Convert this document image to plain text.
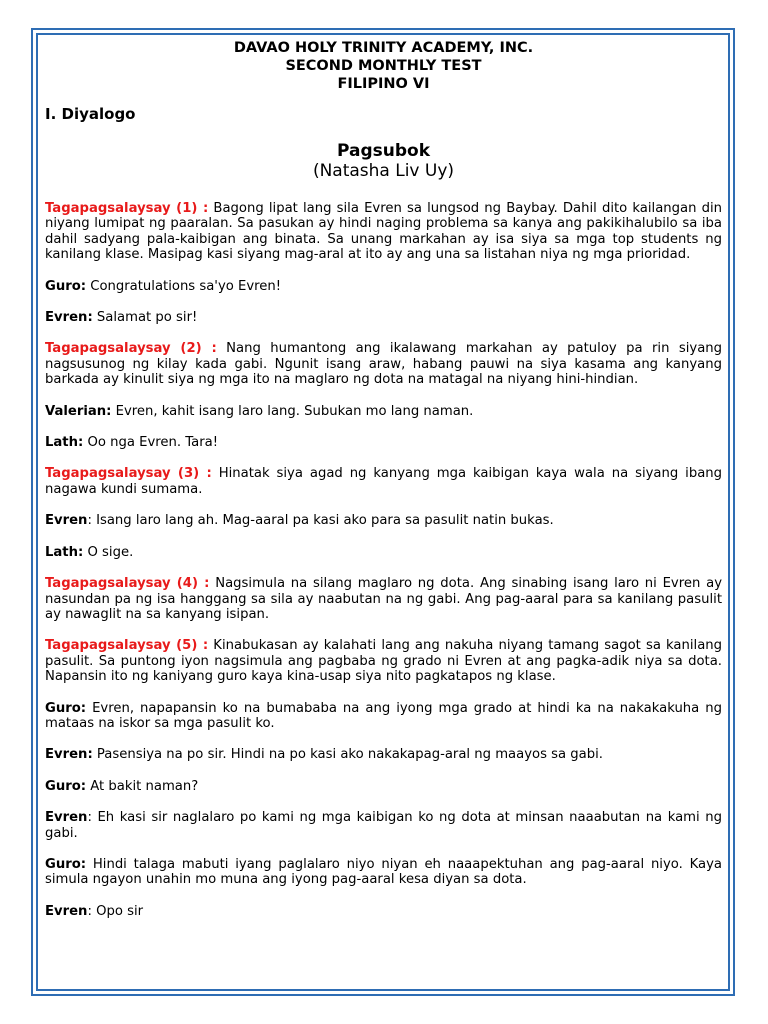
DAVAO HOLY TRINITY ACADEMY, INC.
SECOND MONTHLY TEST
FILIPINO VI
I. Diyalogo
Pagsubok
(Natasha Liv Uy)

Tagapagsalaysay (1) : Bagong lipat lang sila Evren sa lungsod ng Baybay. Dahil dito kailangan din niyang lumipat ng paaralan. Sa pasukan ay hindi naging problema sa kanya ang pakikihalubilo sa iba dahil sadyang pala-kaibigan ang binata. Sa unang markahan ay isa siya sa mga top students ng kanilang klase. Masipag kasi siyang mag-aral at ito ay ang una sa listahan niya ng mga prioridad.

Guro: Congratulations sa'yo Evren!

Evren: Salamat po sir!

Tagapagsalaysay (2) : Nang humantong ang ikalawang markahan ay patuloy pa rin siyang nagsusunog ng kilay kada gabi. Ngunit isang araw, habang pauwi na siya kasama ang kanyang barkada ay kinulit siya ng mga ito na maglaro ng dota na matagal na niyang hini-hindian.

Valerian: Evren, kahit isang laro lang. Subukan mo lang naman.

Lath: Oo nga Evren. Tara!

Tagapagsalaysay (3) : Hinatak siya agad ng kanyang mga kaibigan kaya wala na siyang ibang nagawa kundi sumama.

Evren: Isang laro lang ah. Mag-aaral pa kasi ako para sa pasulit natin bukas.

Lath: O sige.

Tagapagsalaysay (4) : Nagsimula na silang maglaro ng dota. Ang sinabing isang laro ni Evren ay nasundan pa ng isa hanggang sa sila ay naabutan na ng gabi. Ang pag-aaral para sa kanilang pasulit ay nawaglit na sa kanyang isipan.

Tagapagsalaysay (5) : Kinabukasan ay kalahati lang ang nakuha niyang tamang sagot sa kanilang pasulit. Sa puntong iyon nagsimula ang pagbaba ng grado ni Evren at ang pagka-adik niya sa dota. Napansin ito ng kaniyang guro kaya kina-usap siya nito pagkatapos ng klase.

Guro: Evren, napapansin ko na bumababa na ang iyong mga grado at hindi ka na nakakakuha ng mataas na iskor sa mga pasulit ko.

Evren: Pasensiya na po sir. Hindi na po kasi ako nakakapag-aral ng maayos sa gabi.

Guro: At bakit naman?

Evren: Eh kasi sir naglalaro po kami ng mga kaibigan ko ng dota at minsan naaabutan na kami ng gabi.

Guro: Hindi talaga mabuti iyang paglalaro niyo niyan eh naaapektuhan ang pag-aaral niyo. Kaya simula ngayon unahin mo muna ang iyong pag-aaral kesa diyan sa dota.

Evren: Opo sir
